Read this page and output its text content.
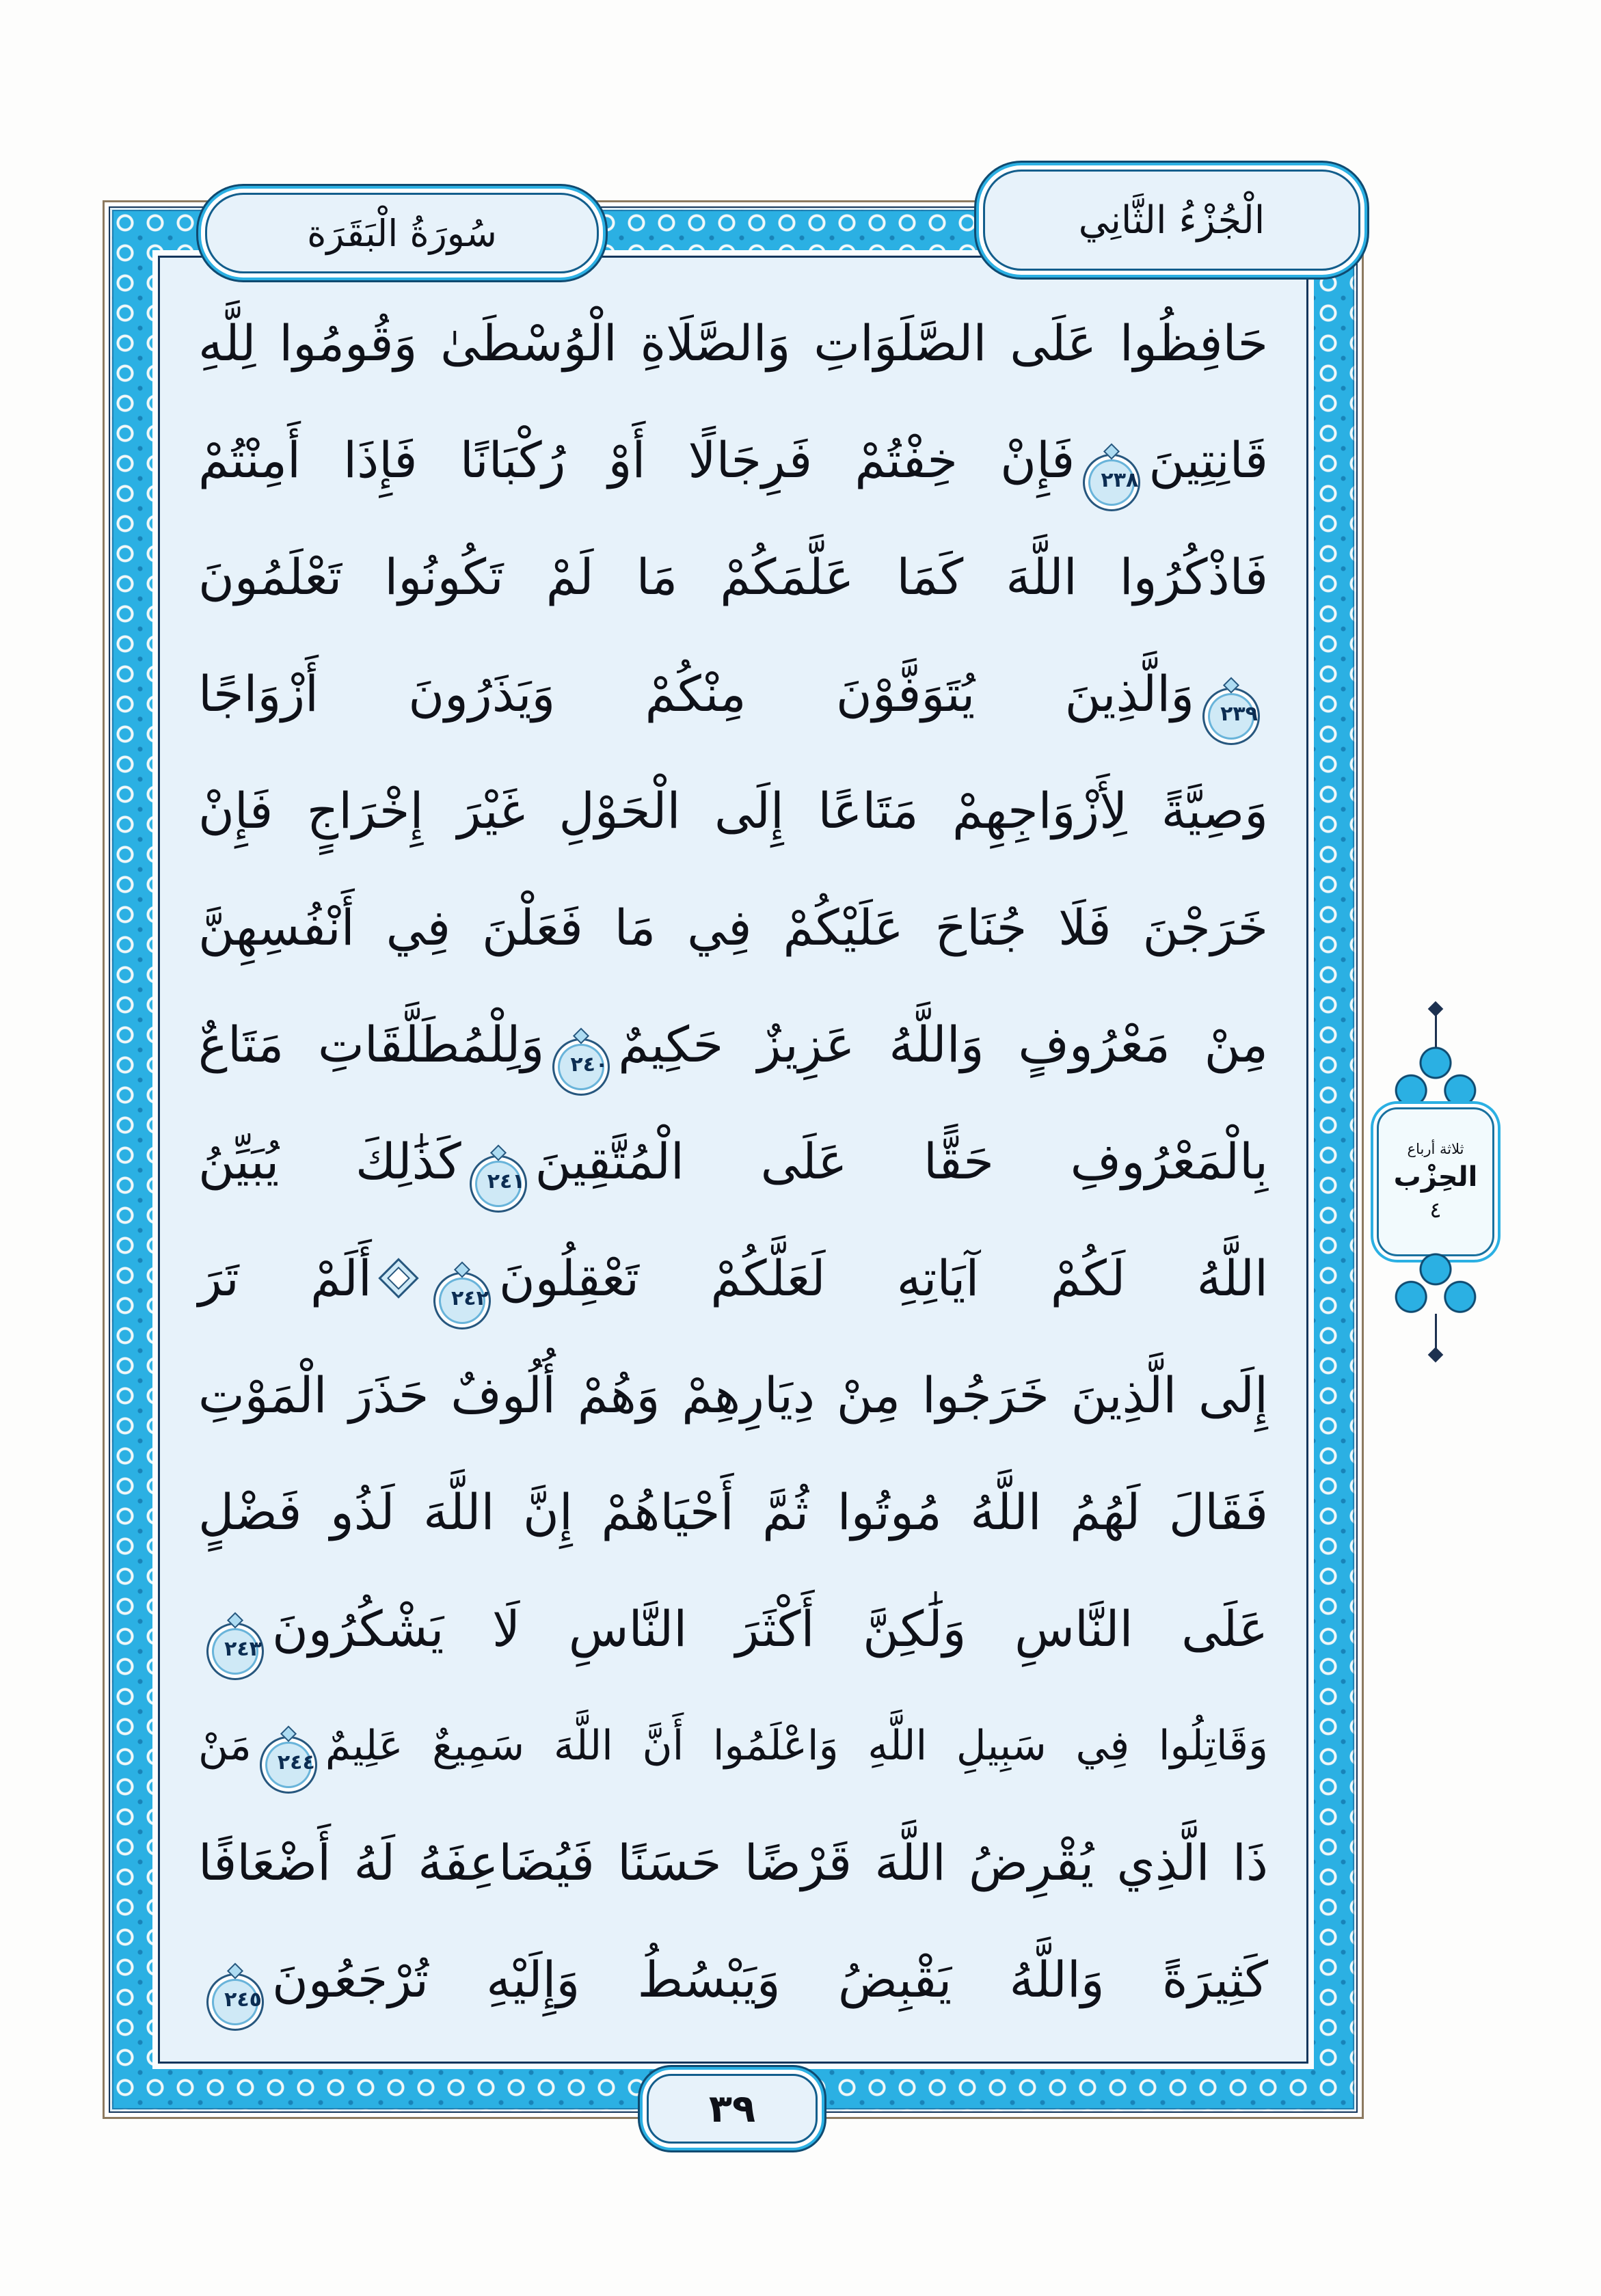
سُورَةُ الْبَقَرَة	الْجُزْءُ الثَّانِي
حَافِظُوا عَلَى الصَّلَوَاتِ وَالصَّلَاةِ الْوُسْطَىٰ وَقُومُوا لِلَّهِ
قَانِتِينَ
٢٣٨
فَإِنْ خِفْتُمْ فَرِجَالًا أَوْ رُكْبَانًا فَإِذَا أَمِنْتُمْ
فَاذْكُرُوا اللَّهَ كَمَا عَلَّمَكُمْ مَا لَمْ تَكُونُوا تَعْلَمُونَ
٢٣٩
وَالَّذِينَ يُتَوَفَّوْنَ مِنْكُمْ وَيَذَرُونَ أَزْوَاجًا
وَصِيَّةً لِأَزْوَاجِهِمْ مَتَاعًا إِلَى الْحَوْلِ غَيْرَ إِخْرَاجٍ فَإِنْ
خَرَجْنَ فَلَا جُنَاحَ عَلَيْكُمْ فِي مَا فَعَلْنَ فِي أَنْفُسِهِنَّ
مِنْ مَعْرُوفٍ وَاللَّهُ عَزِيزٌ حَكِيمٌ
٢٤٠
وَلِلْمُطَلَّقَاتِ مَتَاعٌ
بِالْمَعْرُوفِ حَقًّا عَلَى الْمُتَّقِينَ
٢٤١
كَذَٰلِكَ يُبَيِّنُ
اللَّهُ لَكُمْ آيَاتِهِ لَعَلَّكُمْ تَعْقِلُونَ
٢٤٢
أَلَمْ تَرَ
إِلَى الَّذِينَ خَرَجُوا مِنْ دِيَارِهِمْ وَهُمْ أُلُوفٌ حَذَرَ الْمَوْتِ
فَقَالَ لَهُمُ اللَّهُ مُوتُوا ثُمَّ أَحْيَاهُمْ إِنَّ اللَّهَ لَذُو فَضْلٍ
عَلَى النَّاسِ وَلَٰكِنَّ أَكْثَرَ النَّاسِ لَا يَشْكُرُونَ
٢٤٣
وَقَاتِلُوا فِي سَبِيلِ اللَّهِ وَاعْلَمُوا أَنَّ اللَّهَ سَمِيعٌ عَلِيمٌ
٢٤٤
مَنْ
ذَا الَّذِي يُقْرِضُ اللَّهَ قَرْضًا حَسَنًا فَيُضَاعِفَهُ لَهُ أَضْعَافًا
كَثِيرَةً وَاللَّهُ يَقْبِضُ وَيَبْسُطُ وَإِلَيْهِ تُرْجَعُونَ
٢٤٥
ثلاثة أرباع
الحِزْب
٤
٣٩
